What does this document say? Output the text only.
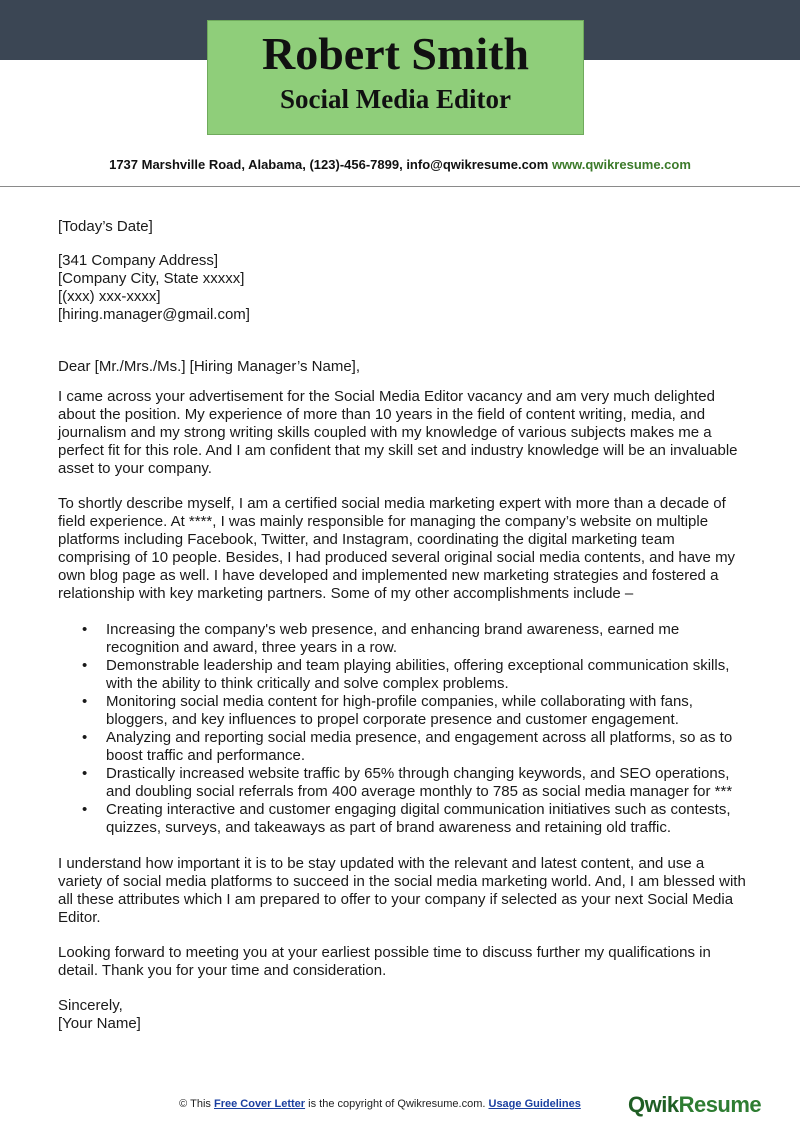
Robert Smith
Social Media Editor
1737 Marshville Road, Alabama, (123)-456-7899, info@qwikresume.com www.qwikresume.com

[Today’s Date]

[341 Company Address]

[Company City, State xxxxx]

[(xxx) xxx-xxxx]

[hiring.manager@gmail.com]

Dear [Mr./Mrs./Ms.] [Hiring Manager’s Name],

I came across your advertisement for the Social Media Editor vacancy and am very much delighted about the position. My experience of more than 10 years in the field of content writing, media, and journalism and my strong writing skills coupled with my knowledge of various subjects makes me a perfect fit for this role. And I am confident that my skill set and industry knowledge will be an invaluable asset to your company.

To shortly describe myself, I am a certified social media marketing expert with more than a decade of field experience. At ****, I was mainly responsible for managing the company’s website on multiple platforms including Facebook, Twitter, and Instagram, coordinating the digital marketing team comprising of 10 people. Besides, I had produced several original social media contents, and have my own blog page as well. I have developed and implemented new marketing strategies and fostered a relationship with key marketing partners. Some of my other accomplishments include –

• Increasing the company's web presence, and enhancing brand awareness, earned me recognition and award, three years in a row.
• Demonstrable leadership and team playing abilities, offering exceptional communication skills, with the ability to think critically and solve complex problems.
• Monitoring social media content for high-profile companies, while collaborating with fans, bloggers, and key influences to propel corporate presence and customer engagement.
• Analyzing and reporting social media presence, and engagement across all platforms, so as to boost traffic and performance.
• Drastically increased website traffic by 65% through changing keywords, and SEO operations, and doubling social referrals from 400 average monthly to 785 as social media manager for ***
• Creating interactive and customer engaging digital communication initiatives such as contests, quizzes, surveys, and takeaways as part of brand awareness and retaining old traffic.

I understand how important it is to be stay updated with the relevant and latest content, and use a variety of social media platforms to succeed in the social media marketing world. And, I am blessed with all these attributes which I am prepared to offer to your company if selected as your next Social Media Editor.

Looking forward to meeting you at your earliest possible time to discuss further my qualifications in detail. Thank you for your time and consideration.

Sincerely,

[Your Name]

© This Free Cover Letter is the copyright of Qwikresume.com. Usage Guidelines	QwikResume
